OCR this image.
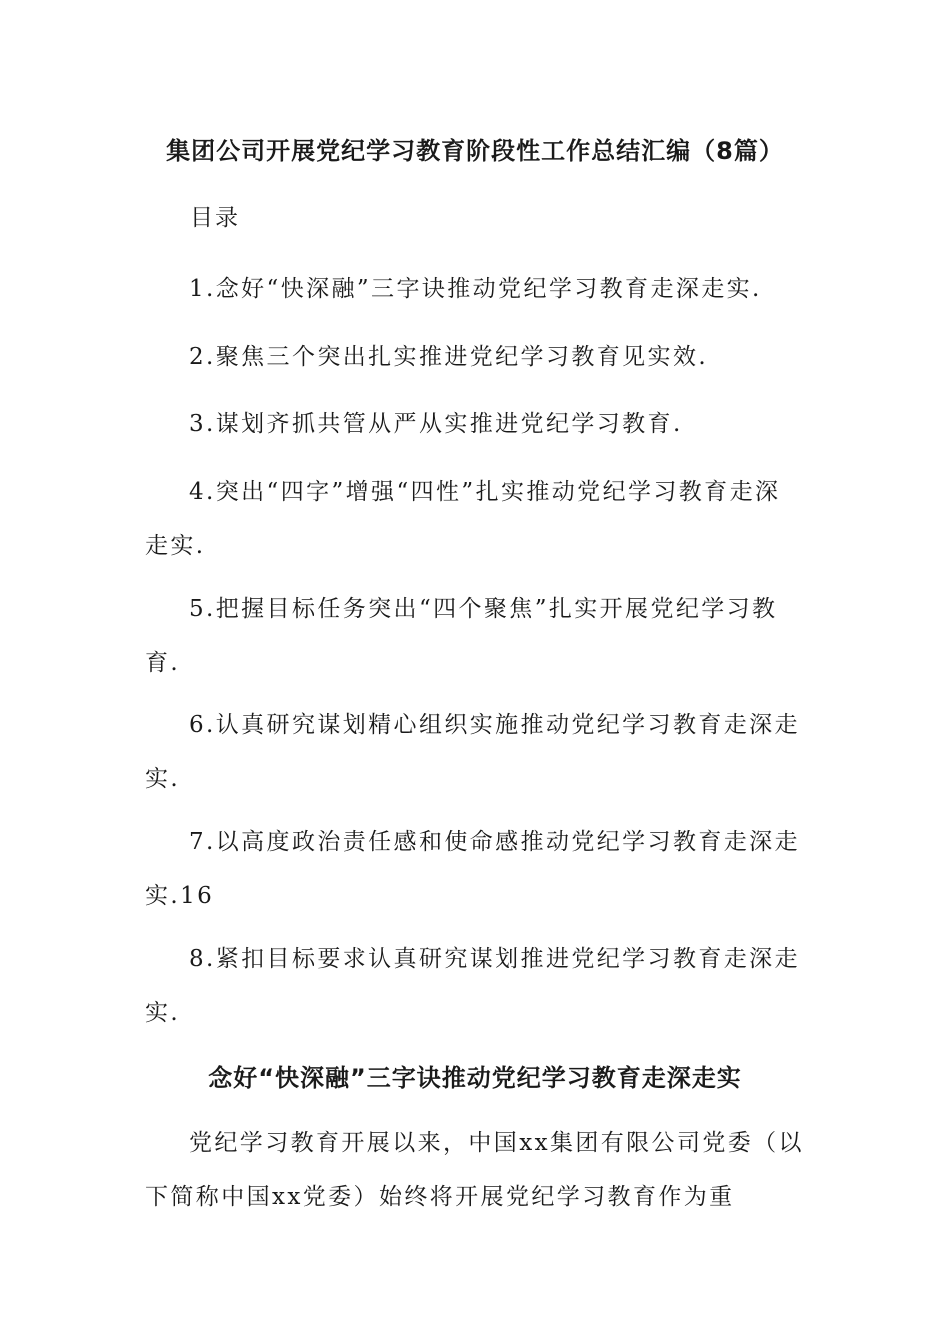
集团公司开展党纪学习教育阶段性工作总结汇编（8篇）
目录

1.念好“快深融”三字诀推动党纪学习教育走深走实.

2.聚焦三个突出扎实推进党纪学习教育见实效.

3.谋划齐抓共管从严从实推进党纪学习教育.

4.突出“四字”增强“四性”扎实推动党纪学习教育走深走实.

5.把握目标任务突出“四个聚焦”扎实开展党纪学习教育.

6.认真研究谋划精心组织实施推动党纪学习教育走深走实.

7.以高度政治责任感和使命感推动党纪学习教育走深走实.16

8.紧扣目标要求认真研究谋划推进党纪学习教育走深走实.

念好“快深融”三字诀推动党纪学习教育走深走实

党纪学习教育开展以来，中国xx集团有限公司党委（以下简称中国xx党委）始终将开展党纪学习教育作为重
